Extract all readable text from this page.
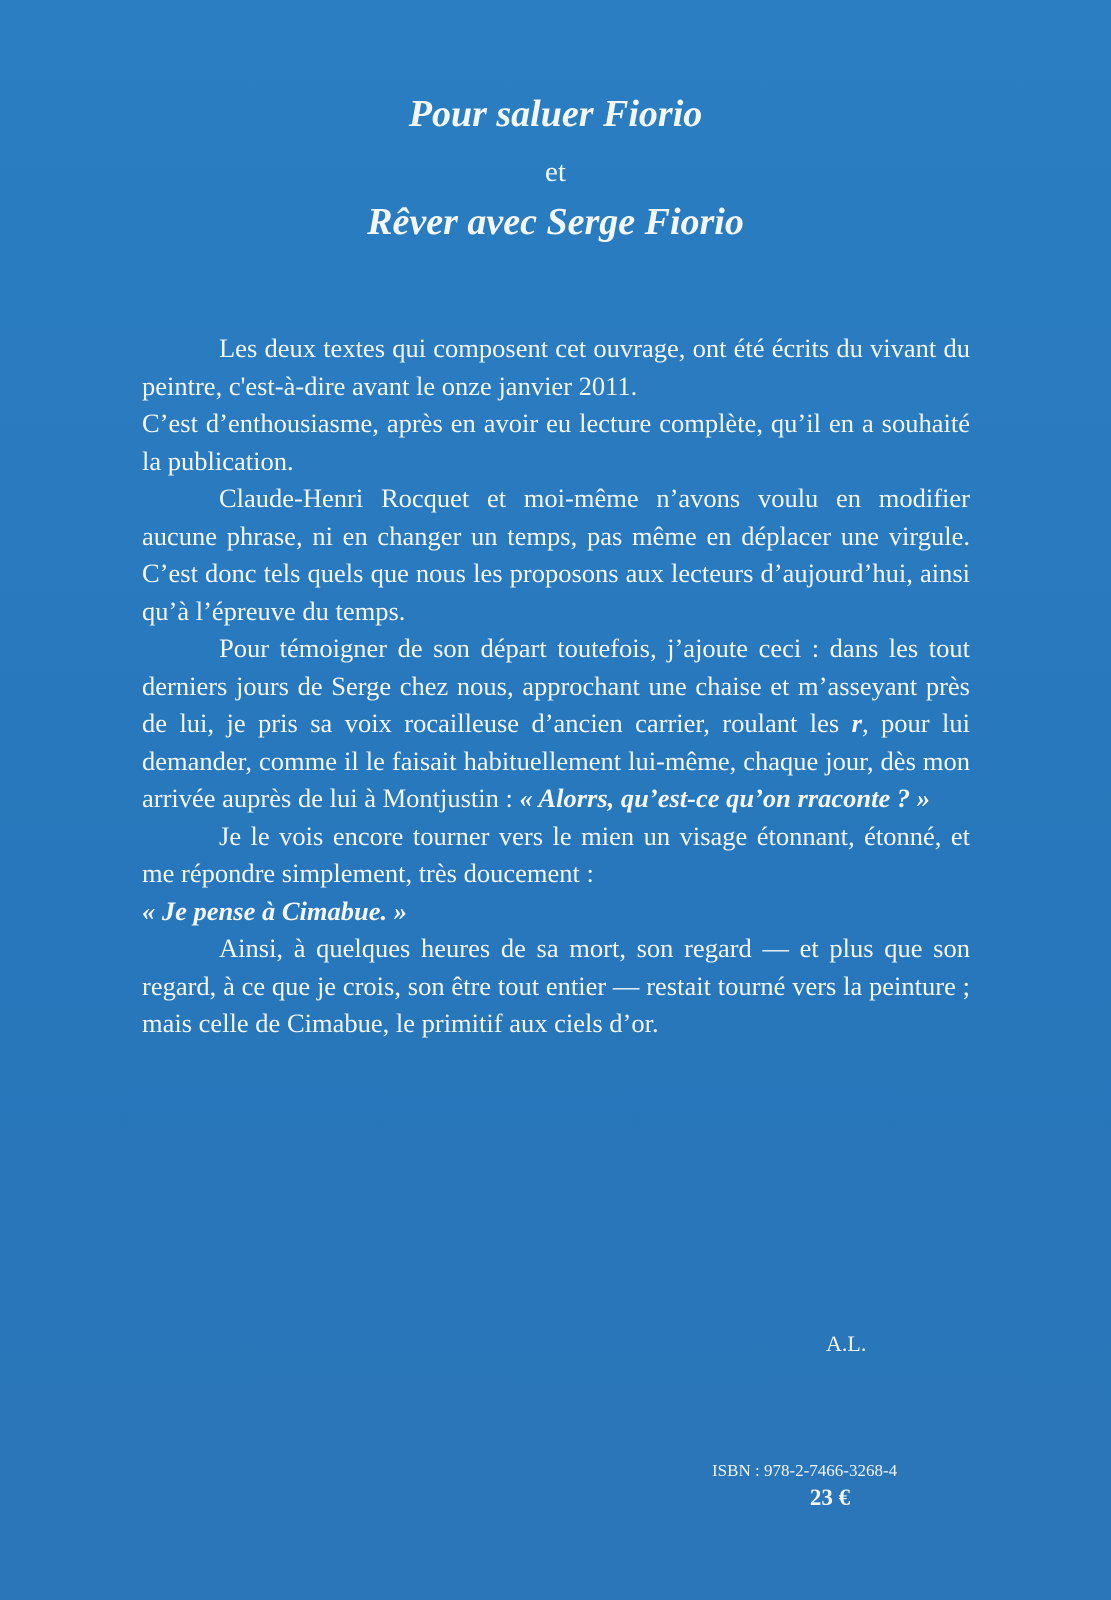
Pour saluer Fiorio
et
Rêver avec Serge Fiorio

Les deux textes qui composent cet ouvrage, ont été écrits du vivant du peintre, c'est-à-dire avant le onze janvier 2011.

C’est d’enthousiasme, après en avoir eu lecture complète, qu’il en a souhaité la publication.

Claude-Henri Rocquet et moi-même n’avons voulu en modifier aucune phrase, ni en changer un temps, pas même en déplacer une virgule. C’est donc tels quels que nous les proposons aux lecteurs d’aujourd’hui, ainsi qu’à l’épreuve du temps.

Pour témoigner de son départ toutefois, j’ajoute ceci : dans les tout derniers jours de Serge chez nous, approchant une chaise et m’asseyant près de lui, je pris sa voix rocailleuse d’ancien carrier, roulant les r, pour lui demander, comme il le faisait habituellement lui-même, chaque jour, dès mon arrivée auprès de lui à Montjustin : « Alorrs, qu’est-ce qu’on rraconte ? »

Je le vois encore tourner vers le mien un visage étonnant, étonné, et me répondre simplement, très doucement :

« Je pense à Cimabue. »

Ainsi, à quelques heures de sa mort, son regard — et plus que son regard, à ce que je crois, son être tout entier — restait tourné vers la peinture ; mais celle de Cimabue, le primitif aux ciels d’or.

A.L.
ISBN : 978-2-7466-3268-4
23 €
